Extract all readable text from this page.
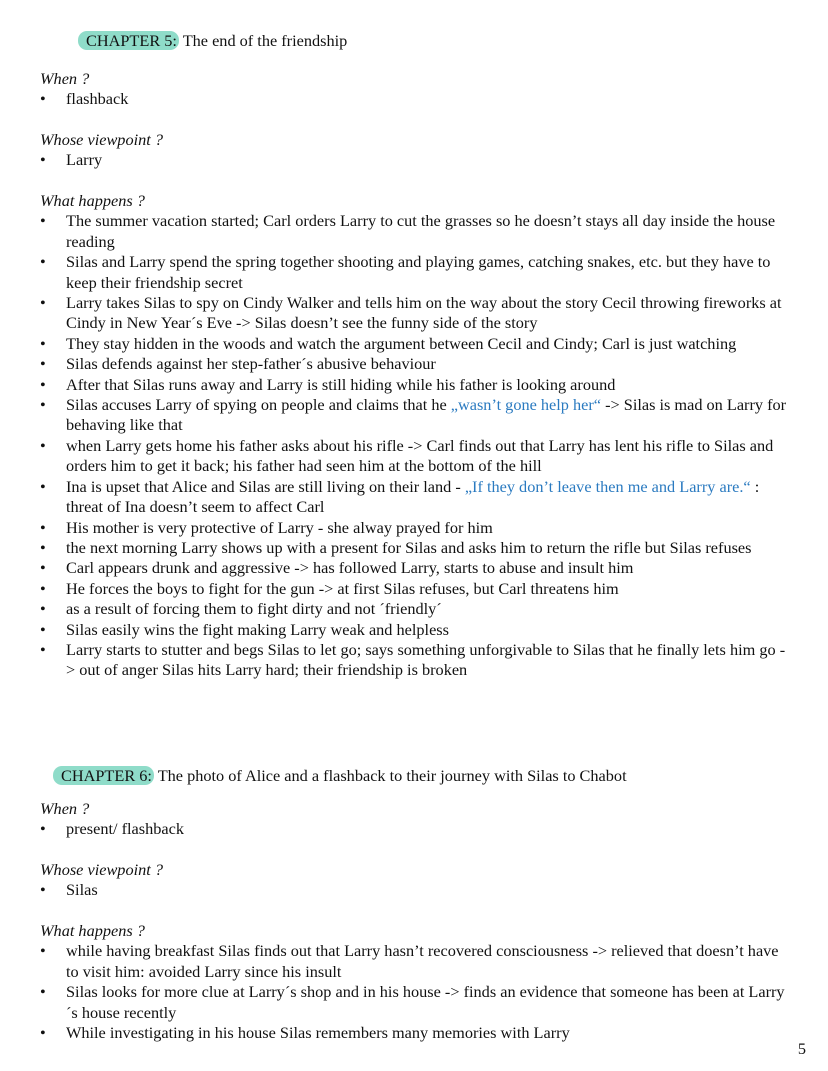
CHAPTER 5: The end of the friendship

When ?

• flashback

Whose viewpoint ?

• Larry

What happens ?

• The summer vacation started; Carl orders Larry to cut the grasses so he doesn’t stays all day inside the house reading
• Silas and Larry spend the spring together shooting and playing games, catching snakes, etc. but they have to keep their friendship secret
• Larry takes Silas to spy on Cindy Walker and tells him on the way about the story Cecil throwing fireworks at Cindy in New Year´s Eve -> Silas doesn’t see the funny side of the story
• They stay hidden in the woods and watch the argument between Cecil and Cindy; Carl is just watching
• Silas defends against her step-father´s abusive behaviour
• After that Silas runs away and Larry is still hiding while his father is looking around
• Silas accuses Larry of spying on people and claims that he „wasn’t gone help her“ -> Silas is mad on Larry for behaving like that
• when Larry gets home his father asks about his rifle -> Carl finds out that Larry has lent his rifle to Silas and orders him to get it back; his father had seen him at the bottom of the hill
• Ina is upset that Alice and Silas are still living on their land - „If they don’t leave then me and Larry are.“ : threat of Ina doesn’t seem to affect Carl
• His mother is very protective of Larry - she alway prayed for him
• the next morning Larry shows up with a present for Silas and asks him to return the rifle but Silas refuses
• Carl appears drunk and aggressive -> has followed Larry, starts to abuse and insult him
• He forces the boys to fight for the gun -> at first Silas refuses, but Carl threatens him
• as a result of forcing them to fight dirty and not ´friendly´
• Silas easily wins the fight making Larry weak and helpless
• Larry starts to stutter and begs Silas to let go; says something unforgivable to Silas that he finally lets him go -> out of anger Silas hits Larry hard; their friendship is broken
CHAPTER 6: The photo of Alice and a flashback to their journey with Silas to Chabot

When ?

• present/ flashback

Whose viewpoint ?

• Silas

What happens ?

• while having breakfast Silas finds out that Larry hasn’t recovered consciousness -> relieved that doesn’t have to visit him: avoided Larry since his insult
• Silas looks for more clue at Larry´s shop and in his house -> finds an evidence that someone has been at Larry´s house recently
• While investigating in his house Silas remembers many memories with Larry
5
